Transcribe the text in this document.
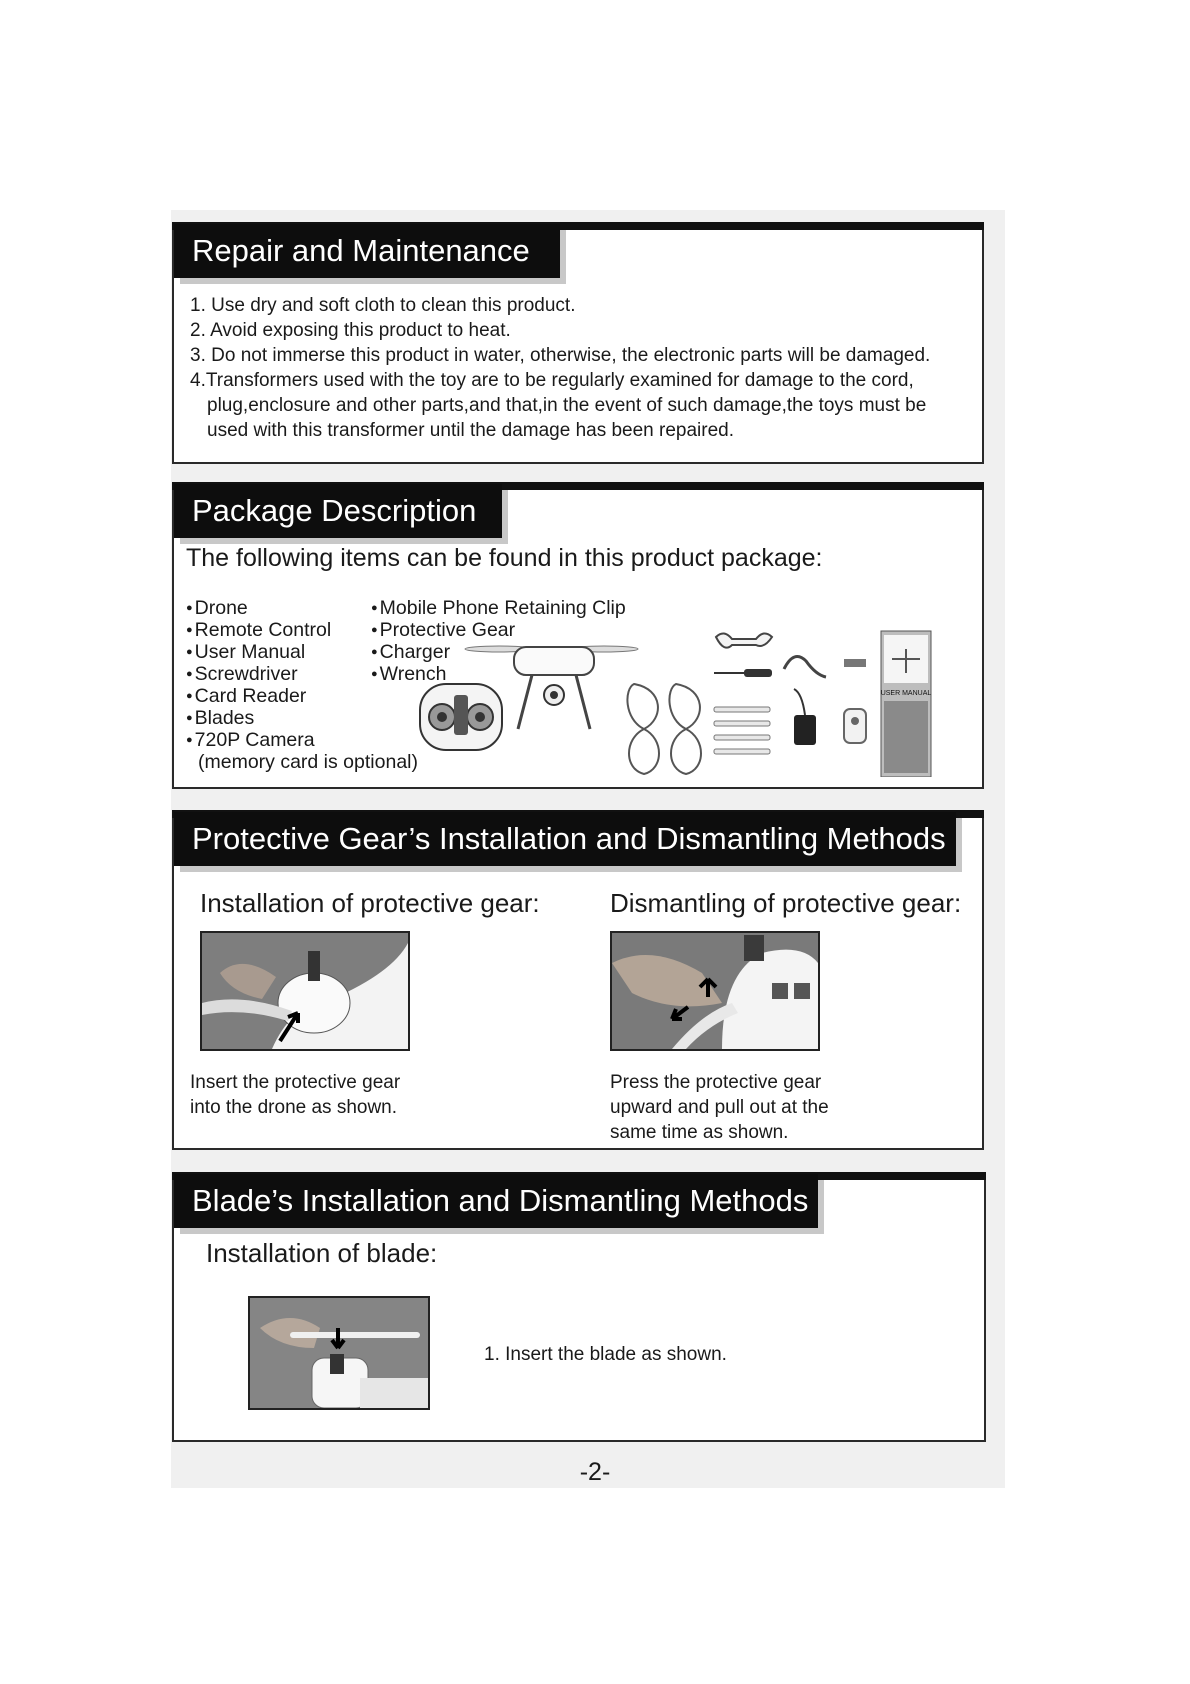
Repair and Maintenance
1. Use dry and soft cloth to clean this product.
2. Avoid exposing this product to heat.
3. Do not immerse this product in water, otherwise, the electronic parts will be damaged.
4.Transformers used with the toy are to be regularly examined for damage to the cord,
plug,enclosure and other parts,and that,in the event of such damage,the toys must be
used with this transformer until the damage has been repaired.
Package Description
The following items can be found in this product package:
● Drone
● Remote Control
● User Manual
● Screwdriver
● Card Reader
● Blades
● 720P Camera
(memory card is optional)
● Mobile Phone Retaining Clip
● Protective Gear
● Charger
● Wrench
USER MANUAL
Protective Gear’s Installation and Dismantling Methods
Installation of protective gear:
Insert the protective gear
into the drone as shown.
Dismantling of protective gear:
Press the protective gear
upward and pull out at the
same time as shown.
Blade’s Installation and Dismantling Methods
Installation of blade:
1. Insert the blade as shown.
-2-
